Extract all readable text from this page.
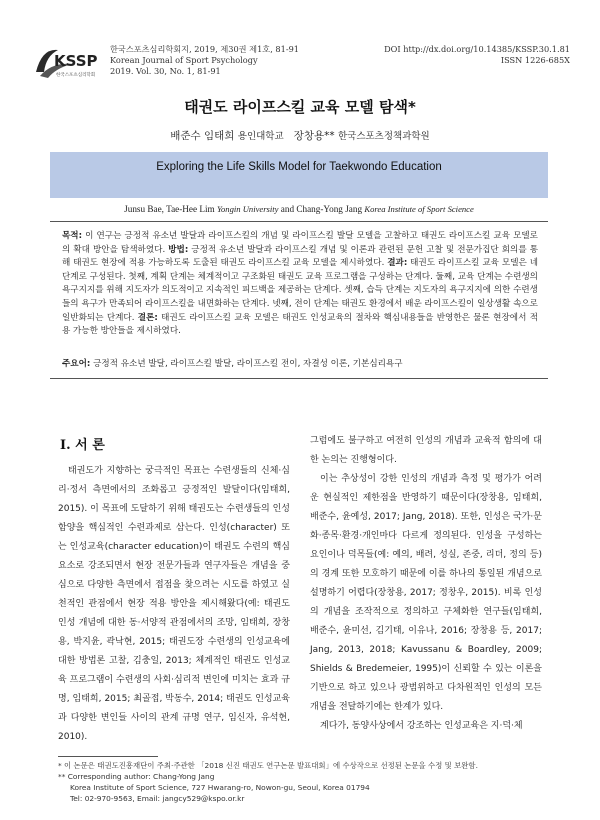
KSSP
한국스포츠심리학회
한국스포츠심리학회지, 2019, 제30권 제1호, 81-91
Korean Journal of Sport Psychology
2019. Vol. 30, No. 1, 81-91
DOI http://dx.doi.org/10.14385/KSSP.30.1.81
ISSN 1226-685X
태권도 라이프스킬 교육 모델 탐색*
배준수 임태희 용인대학교 장창용** 한국스포츠정책과학원
Exploring the Life Skills Model for Taekwondo Education
Junsu Bae, Tae-Hee Lim Yongin University and Chang-Yong Jang Korea Institute of Sport Science
목적: 이 연구는 긍정적 유소년 발달과 라이프스킬의 개념 및 라이프스킬 발달 모델을 고찰하고 태권도 라이프스킬 교육 모델로의 확대 방안을 탐색하였다. 방법: 긍정적 유소년 발달과 라이프스킬 개념 및 이론과 관련된 문헌 고찰 및 전문가집단 회의를 통해 태권도 현장에 적용 가능하도록 도출된 태권도 라이프스킬 교육 모델을 제시하였다. 결과: 태권도 라이프스킬 교육 모델은 네 단계로 구성된다. 첫째, 계획 단계는 체계적이고 구조화된 태권도 교육 프로그램을 구성하는 단계다. 둘째, 교육 단계는 수련생의 욕구지지를 위해 지도자가 의도적이고 지속적인 피드백을 제공하는 단계다. 셋째, 습득 단계는 지도자의 욕구지지에 의한 수련생들의 욕구가 만족되어 라이프스킬을 내면화하는 단계다. 넷째, 전이 단계는 태권도 환경에서 배운 라이프스킬이 일상생활 속으로 일반화되는 단계다. 결론: 태권도 라이프스킬 교육 모델은 태권도 인성교육의 절차와 핵심내용들을 반영한은 물론 현장에서 적용 가능한 방안들을 제시하였다.
주요어: 긍정적 유소년 발달, 라이프스킬 발달, 라이프스킬 전이, 자결성 이론, 기본심리욕구
I. 서 론

태권도가 지향하는 궁극적인 목표는 수련생들의 신체·심리·정서 측면에서의 조화롭고 긍정적인 발달이다(임태희, 2015). 이 목표에 도달하기 위해 태권도는 수련생들의 인성함양을 핵심적인 수련과제로 삼는다. 인성(character) 또는 인성교육(character education)이 태권도 수련의 핵심요소로 강조되면서 현장 전문가들과 연구자들은 개념을 중심으로 다양한 측면에서 접점을 찾으려는 시도를 하였고 실천적인 관점에서 현장 적용 방안을 제시해왔다(예: 태권도 인성 개념에 대한 동·서양적 관점에서의 조망, 임태희, 장창용, 박지윤, 곽낙현, 2015; 태권도장 수련생의 인성교육에 대한 방법론 고찰, 김충일, 2013; 체계적인 태권도 인성교육 프로그램이 수련생의 사회·심리적 변인에 미치는 효과 규명, 임태희, 2015; 최골접, 박동수, 2014; 태권도 인성교육과 다양한 변인들 사이의 관계 규명 연구, 임신자, 유석현, 2010).

그럼에도 불구하고 여전히 인성의 개념과 교육적 함의에 대한 논의는 진행형이다.

이는 추상성이 강한 인성의 개념과 측정 및 평가가 어려운 현실적인 제한점을 반영하기 때문이다(장창용, 임태희, 배준수, 윤예성, 2017; Jang, 2018). 또한, 인성은 국가·문화·종목·환경·개인마다 다르게 정의된다. 인성을 구성하는 요인이나 덕목들(예: 예의, 배려, 성실, 존중, 리더, 정의 등)의 경계 또한 모호하기 때문에 이를 하나의 통일된 개념으로 설명하기 어렵다(장창용, 2017; 정창우, 2015). 비록 인성의 개념을 조작적으로 정의하고 구체화한 연구들(임태희, 배준수, 윤미선, 김기태, 이유나, 2016; 장창용 등, 2017; Jang, 2013, 2018; Kavussanu & Boardley, 2009; Shields & Bredemeier, 1995)이 신뢰할 수 있는 이론을 기반으로 하고 있으나 광범위하고 다차원적인 인성의 모든 개념을 전달하기에는 한계가 있다.

계다가, 동양사상에서 강조하는 인성교육은 지·덕·체

* 이 논문은 태권도진흥재단이 주최·주관한 「2018 신진 태권도 연구논문 발표대회」에 수상작으로 선정된 논문을 수정 및 보완함.
** Corresponding author: Chang-Yong Jang
Korea Institute of Sport Science, 727 Hwarang-ro, Nowon-gu, Seoul, Korea 01794
Tel: 02-970-9563, Email: jangcy529@kspo.or.kr
